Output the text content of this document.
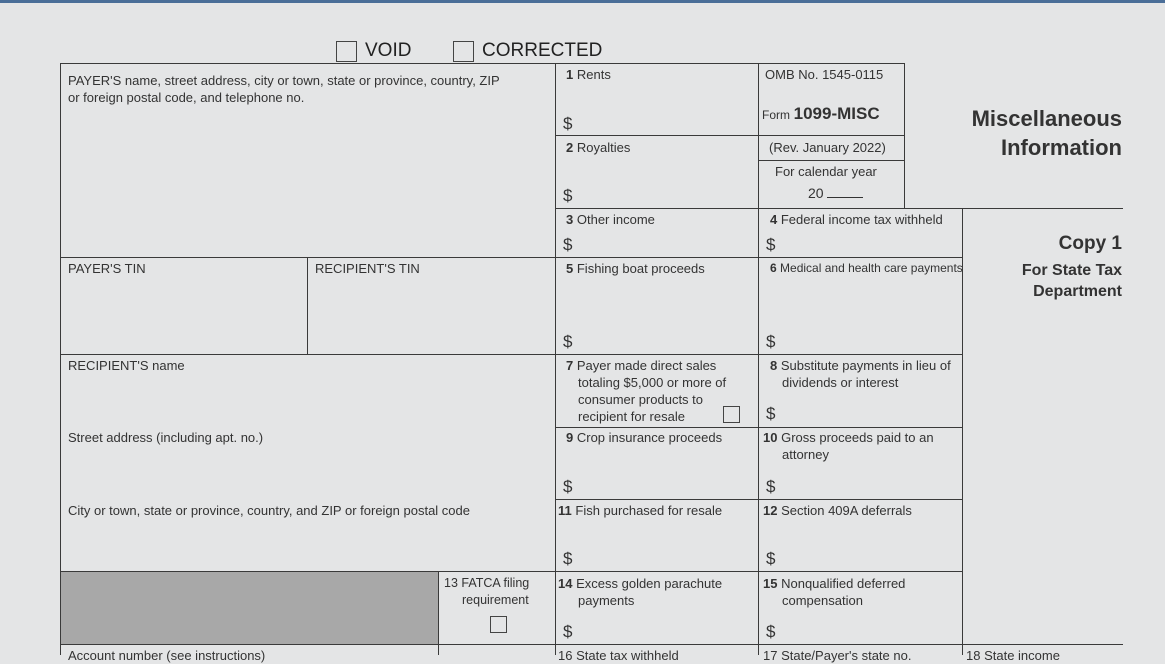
VOID	CORRECTED
PAYER'S name, street address, city or town, state or province, country, ZIP
or foreign postal code, and telephone no.
PAYER'S TIN	RECIPIENT'S TIN
RECIPIENT'S name
Street address (including apt. no.)
City or town, state or province, country, and ZIP or foreign postal code
13 FATCA filing
requirement
Account number (see instructions)
1 Rents
$
OMB No. 1545-0115
Form 1099-MISC
(Rev. January 2022)
For calendar year
20
Miscellaneous
Information
Copy 1
For State Tax
Department
2 Royalties
$
3 Other income
$
4 Federal income tax withheld
$
5 Fishing boat proceeds
$
6 Medical and health care payments
$
7 Payer made direct sales
totaling $5,000 or more of
consumer products to
recipient for resale
8 Substitute payments in lieu of
dividends or interest
$
9 Crop insurance proceeds
$
10 Gross proceeds paid to an
attorney
$
11 Fish purchased for resale
$
12 Section 409A deferrals
$
14 Excess golden parachute
payments
$
15 Nonqualified deferred
compensation
$
16 State tax withheld	17 State/Payer's state no.	18 State income
